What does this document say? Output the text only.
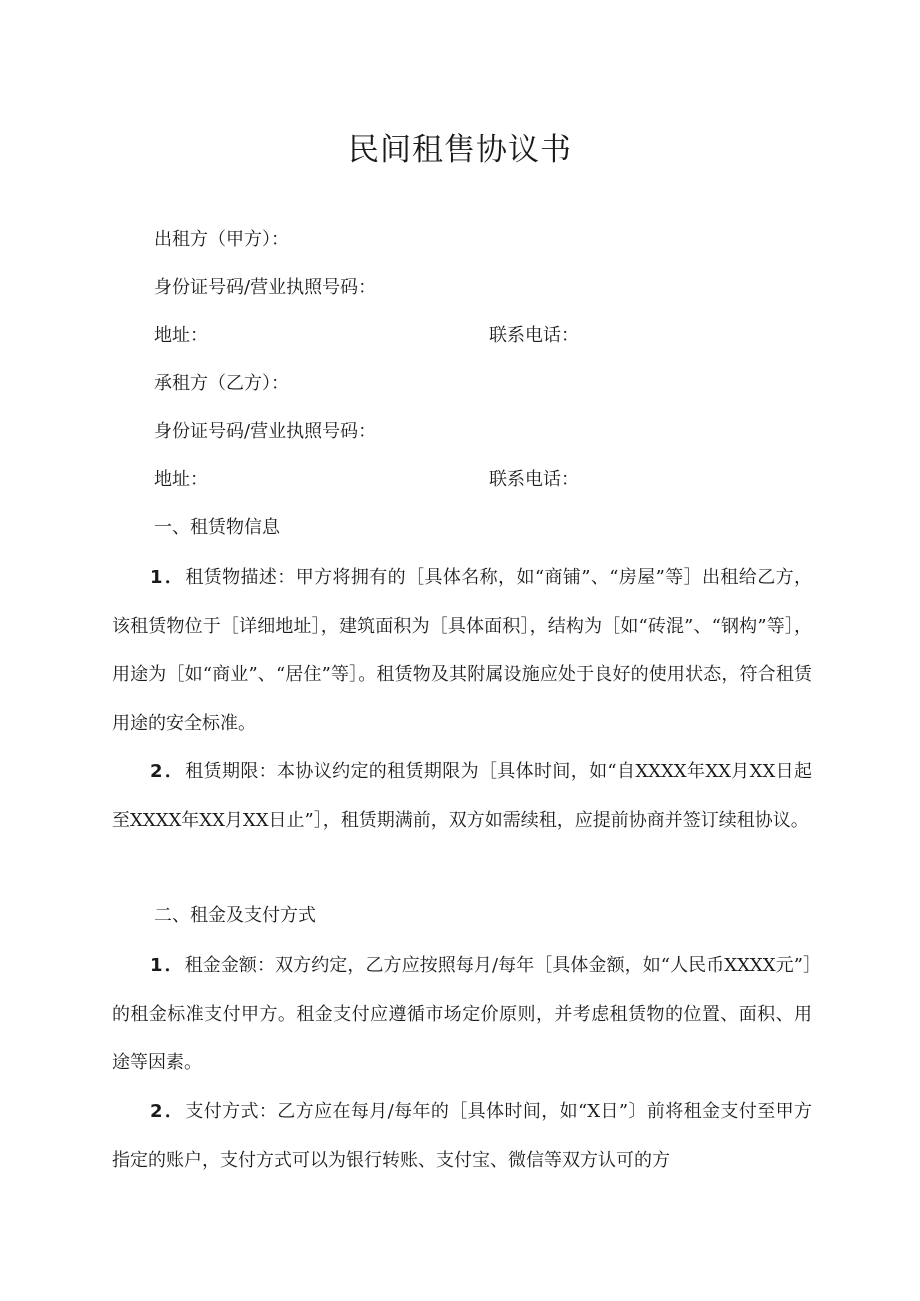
民间租售协议书
出租方（甲方）：
身份证号码/营业执照号码：
地址：	联系电话：
承租方（乙方）：
身份证号码/营业执照号码：
地址：	联系电话：
一、租赁物信息

1．租赁物描述：甲方将拥有的［具体名称，如“商铺”、“房屋”等］出租给乙方，该租赁物位于［详细地址］，建筑面积为［具体面积］，结构为［如“砖混”、“钢构”等］，用途为［如“商业”、“居住”等］。租赁物及其附属设施应处于良好的使用状态，符合租赁用途的安全标准。

2．租赁期限：本协议约定的租赁期限为［具体时间，如“自XXXX年XX月XX日起至XXXX年XX月XX日止”］，租赁期满前，双方如需续租，应提前协商并签订续租协议。

二、租金及支付方式

1．租金金额：双方约定，乙方应按照每月/每年［具体金额，如“人民币XXXX元”］的租金标准支付甲方。租金支付应遵循市场定价原则，并考虑租赁物的位置、面积、用途等因素。

2．支付方式：乙方应在每月/每年的［具体时间，如“X日”〕前将租金支付至甲方指定的账户，支付方式可以为银行转账、支付宝、微信等双方认可的方
